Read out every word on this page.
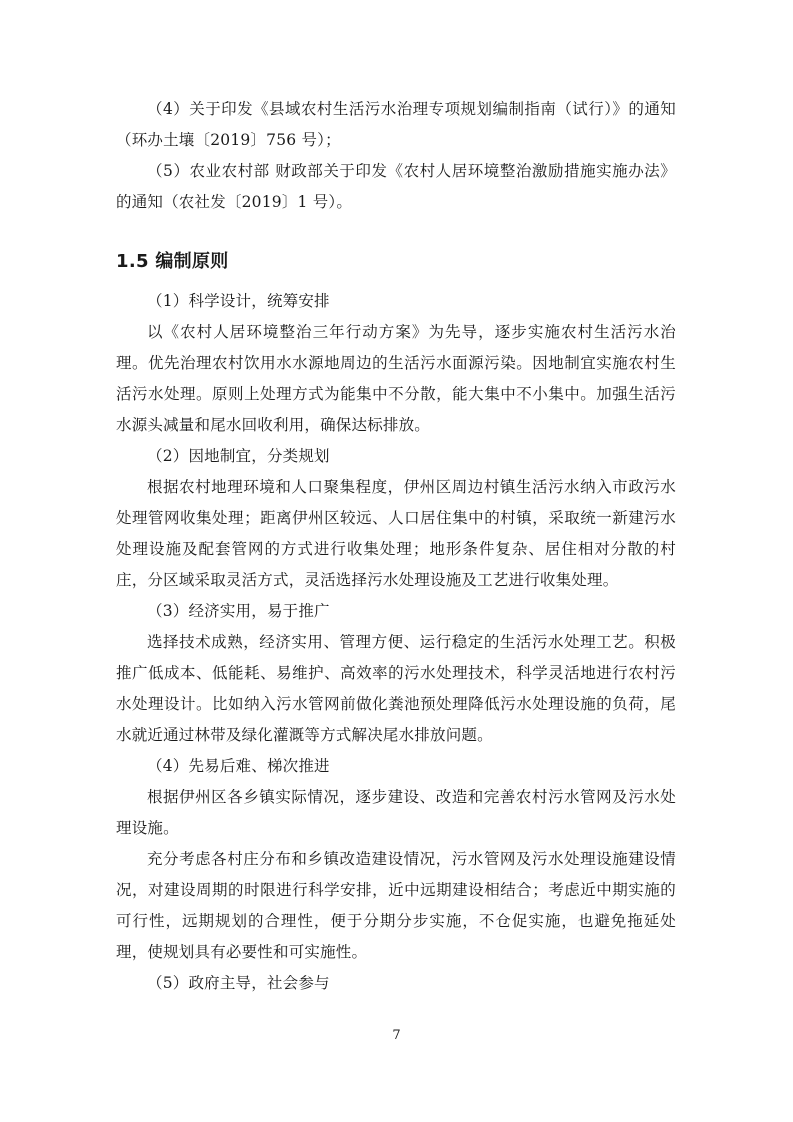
（4）关于印发《县域农村生活污水治理专项规划编制指南（试行）》的通知（环办土壤〔2019〕756 号）；

（5）农业农村部 财政部关于印发《农村人居环境整治激励措施实施办法》的通知（农社发〔2019〕1 号）。

1.5 编制原则

（1）科学设计，统筹安排

以《农村人居环境整治三年行动方案》为先导，逐步实施农村生活污水治理。优先治理农村饮用水水源地周边的生活污水面源污染。因地制宜实施农村生活污水处理。原则上处理方式为能集中不分散，能大集中不小集中。加强生活污水源头减量和尾水回收利用，确保达标排放。

（2）因地制宜，分类规划

根据农村地理环境和人口聚集程度，伊州区周边村镇生活污水纳入市政污水处理管网收集处理；距离伊州区较远、人口居住集中的村镇，采取统一新建污水处理设施及配套管网的方式进行收集处理；地形条件复杂、居住相对分散的村庄，分区域采取灵活方式，灵活选择污水处理设施及工艺进行收集处理。

（3）经济实用，易于推广

选择技术成熟，经济实用、管理方便、运行稳定的生活污水处理工艺。积极推广低成本、低能耗、易维护、高效率的污水处理技术，科学灵活地进行农村污水处理设计。比如纳入污水管网前做化粪池预处理降低污水处理设施的负荷，尾水就近通过林带及绿化灌溉等方式解决尾水排放问题。

（4）先易后难、梯次推进

根据伊州区各乡镇实际情况，逐步建设、改造和完善农村污水管网及污水处理设施。

充分考虑各村庄分布和乡镇改造建设情况，污水管网及污水处理设施建设情况，对建设周期的时限进行科学安排，近中远期建设相结合；考虑近中期实施的可行性，远期规划的合理性，便于分期分步实施，不仓促实施，也避免拖延处理，使规划具有必要性和可实施性。

（5）政府主导，社会参与

7
